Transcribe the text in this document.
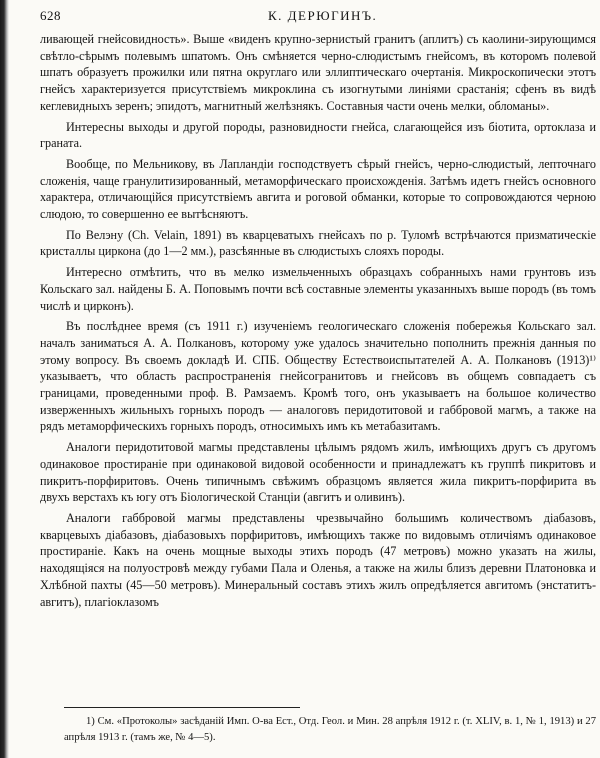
628	К. ДЕРЮГИНЪ.

ливающей гнейсовидность». Выше «виденъ крупно-зернистый гранитъ (аплитъ) съ каолини-зирующимся свѣтло-сѣрымъ полевымъ шпатомъ. Онъ смѣняется черно-слюдистымъ гнейсомъ, въ которомъ полевой шпатъ образуетъ прожилки или пятна округлаго или эллиптическаго очертанія. Микроскопически этотъ гнейсъ характеризуется присутствіемъ микроклина съ изогнутыми линіями срастанія; сфенъ въ видѣ кеглевидныхъ зеренъ; эпидотъ, магнитный желѣзнякъ. Составныя части очень мелки, обломаны».

Интересны выходы и другой породы, разновидности гнейса, слагающейся изъ біотита, ортоклаза и граната.

Вообще, по Мельникову, въ Лапландіи господствуетъ сѣрый гнейсъ, черно-слюдистый, лепточнаго сложенія, чаще гранулитизированный, метаморфическаго происхожденія. Затѣмъ идетъ гнейсъ основного характера, отличающійся присутствіемъ авгита и роговой обманки, которые то сопровождаются черною слюдою, то совершенно ее вытѣсняютъ.

По Велэну (Ch. Velain, 1891) въ кварцеватыхъ гнейсахъ по р. Туломѣ встрѣчаются призматическіе кристаллы циркона (до 1—2 мм.), разсѣянные въ слюдистыхъ слояхъ породы.

Интересно отмѣтить, что въ мелко измельченныхъ образцахъ собранныхъ нами грунтовъ изъ Кольскаго зал. найдены Б. А. Поповымъ почти всѣ составные элементы указанныхъ выше породъ (въ томъ числѣ и цирконъ).

Въ послѣднее время (съ 1911 г.) изученіемъ геологическаго сложенія побережья Кольскаго зал. началъ заниматься А. А. Полкановъ, которому уже удалось значительно пополнить прежнія данныя по этому вопросу. Въ своемъ докладѣ И. СПБ. Обществу Естествоиспытателей А. А. Полкановъ (1913)¹⁾ указываетъ, что область распространенія гнейсогранитовъ и гнейсовъ въ общемъ совпадаетъ съ границами, проведенными проф. В. Рамзаемъ. Кромѣ того, онъ указываетъ на большое количество изверженныхъ жильныхъ горныхъ породъ — аналоговъ перидотитовой и габбровой магмъ, а также на рядъ метаморфическихъ горныхъ породъ, относимыхъ имъ къ метабазитамъ.

Аналоги перидотитовой магмы представлены цѣлымъ рядомъ жилъ, имѣющихъ другъ съ другомъ одинаковое простираніе при одинаковой видовой особенности и принадлежатъ къ группѣ пикритовъ и пикритъ-порфиритовъ. Очень типичнымъ свѣжимъ образцомъ является жила пикритъ-порфирита въ двухъ верстахъ къ югу отъ Біологической Станціи (авгитъ и оливинъ).

Аналоги габбровой магмы представлены чрезвычайно большимъ количествомъ діабазовъ, кварцевыхъ діабазовъ, діабазовыхъ порфиритовъ, имѣющихъ также по видовымъ отличіямъ одинаковое простираніе. Какъ на очень мощные выходы этихъ породъ (47 метровъ) можно указать на жилы, находящіяся на полуостровѣ между губами Пала и Оленья, а также на жилы близъ деревни Платоновка и Хлѣбной пахты (45—50 метровъ). Минеральный составъ этихъ жилъ опредѣляется авгитомъ (энстатитъ-авгитъ), плагіоклазомъ

1) См. «Протоколы» засѣданій Имп. О-ва Ест., Отд. Геол. и Мин. 28 апрѣля 1912 г. (т. XLIV, в. 1, № 1, 1913) и 27 апрѣля 1913 г. (тамъ же, № 4—5).
